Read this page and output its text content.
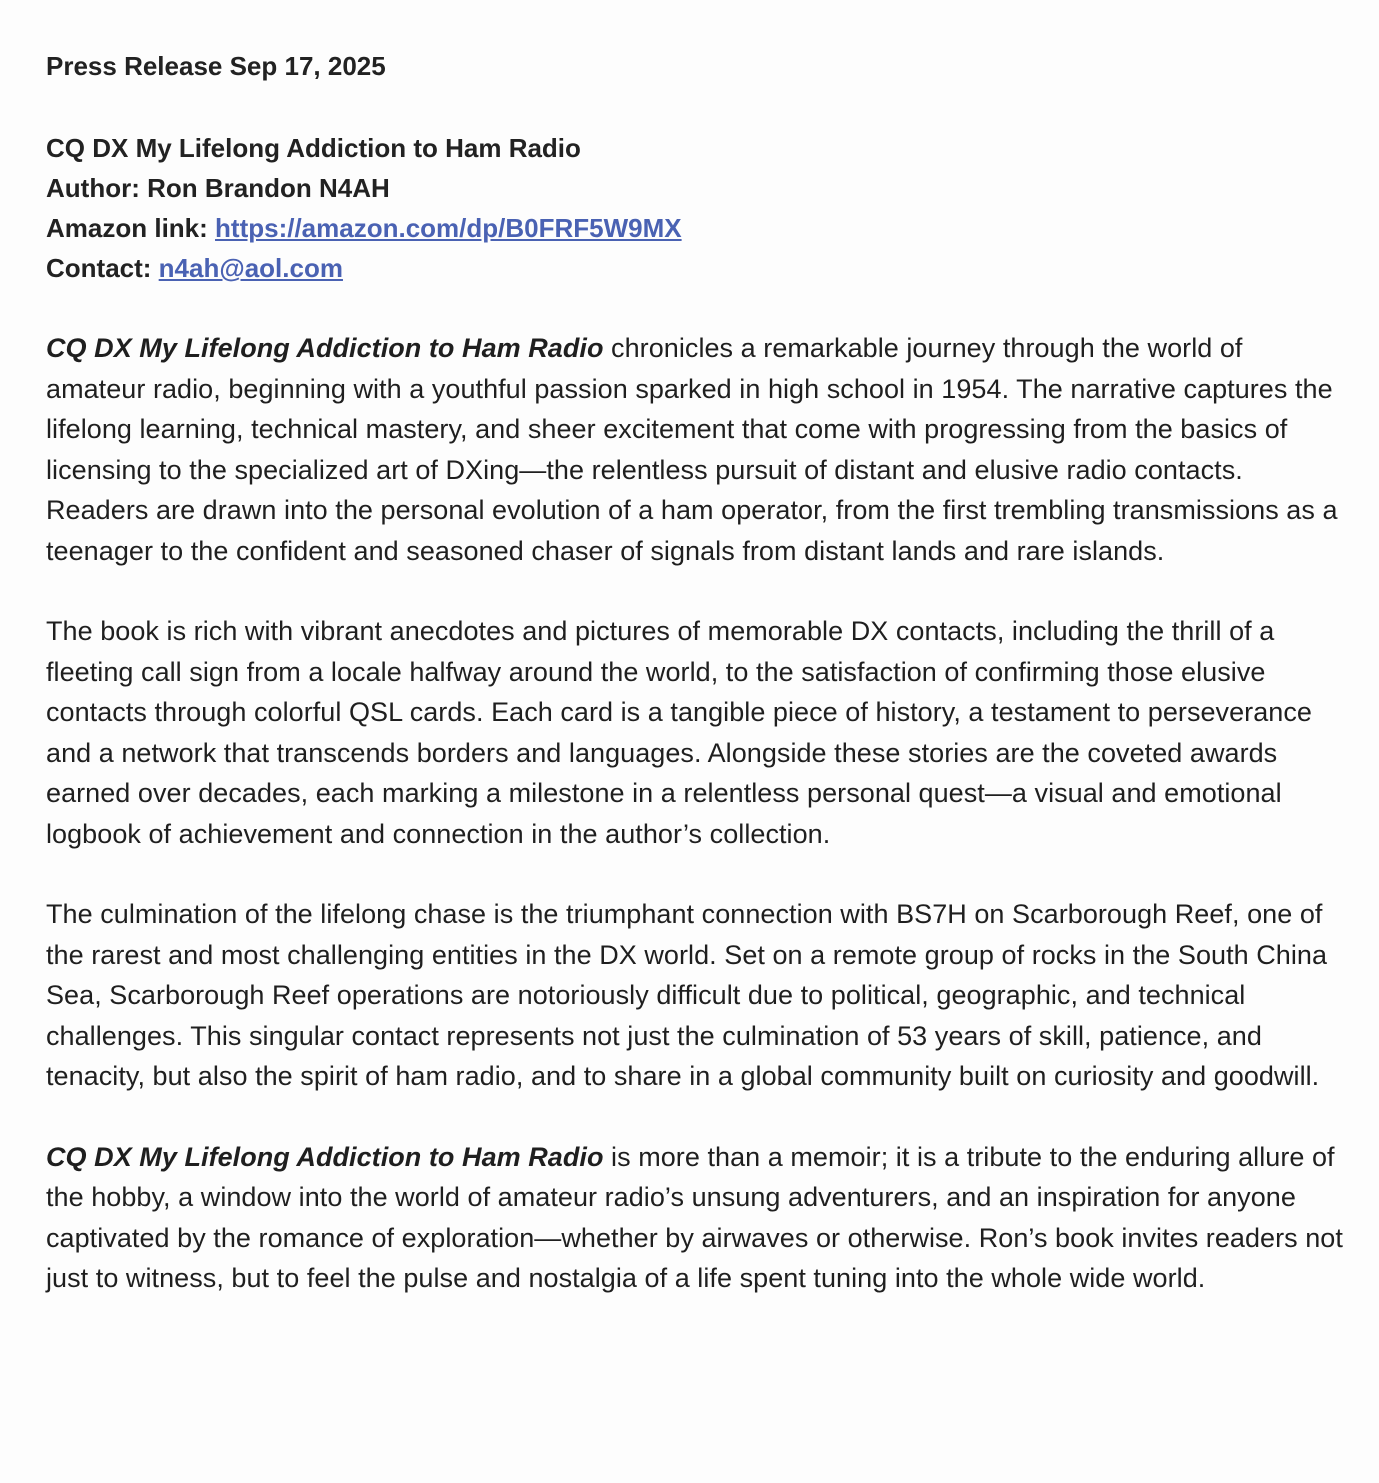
Press Release Sep 17, 2025

CQ DX My Lifelong Addiction to Ham Radio

Author: Ron Brandon N4AH

Amazon link: https://amazon.com/dp/B0FRF5W9MX

Contact: n4ah@aol.com

CQ DX My Lifelong Addiction to Ham Radio chronicles a remarkable journey through the world of amateur radio, beginning with a youthful passion sparked in high school in 1954. The narrative captures the lifelong learning, technical mastery, and sheer excitement that come with progressing from the basics of licensing to the specialized art of DXing—the relentless pursuit of distant and elusive radio contacts. Readers are drawn into the personal evolution of a ham operator, from the first trembling transmissions as a teenager to the confident and seasoned chaser of signals from distant lands and rare islands.

The book is rich with vibrant anecdotes and pictures of memorable DX contacts, including the thrill of a fleeting call sign from a locale halfway around the world, to the satisfaction of confirming those elusive contacts through colorful QSL cards. Each card is a tangible piece of history, a testament to perseverance and a network that transcends borders and languages. Alongside these stories are the coveted awards earned over decades, each marking a milestone in a relentless personal quest—a visual and emotional logbook of achievement and connection in the author’s collection.

The culmination of the lifelong chase is the triumphant connection with BS7H on Scarborough Reef, one of the rarest and most challenging entities in the DX world. Set on a remote group of rocks in the South China Sea, Scarborough Reef operations are notoriously difficult due to political, geographic, and technical challenges. This singular contact represents not just the culmination of 53 years of skill, patience, and tenacity, but also the spirit of ham radio, and to share in a global community built on curiosity and goodwill.

CQ DX My Lifelong Addiction to Ham Radio is more than a memoir; it is a tribute to the enduring allure of the hobby, a window into the world of amateur radio’s unsung adventurers, and an inspiration for anyone captivated by the romance of exploration—whether by airwaves or otherwise. Ron’s book invites readers not just to witness, but to feel the pulse and nostalgia of a life spent tuning into the whole wide world.
